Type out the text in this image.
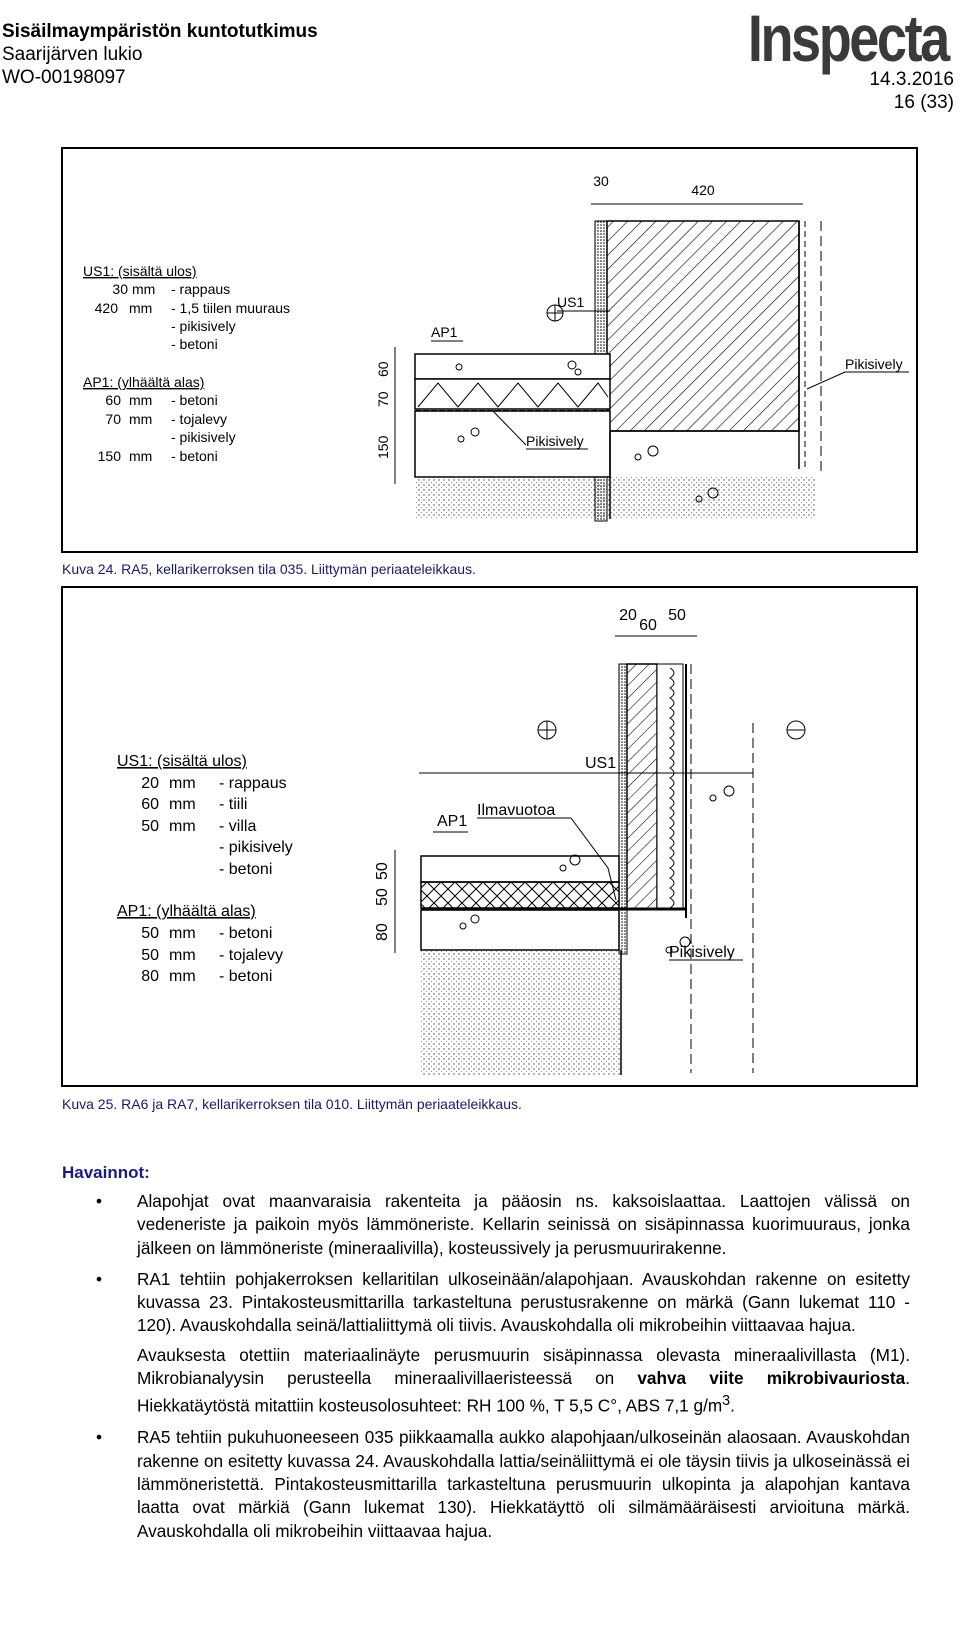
Sisäilmaympäristön kuntotutkimus
Saarijärven lukio
WO-00198097
Inspecta
14.3.2016
16 (33)
US1: (sisältä ulos)
30 mm - rappaus
420 mm - 1,5 tiilen muuraus
- pikisively
- betoni
AP1: (ylhäältä alas)
60 mm - betoni
70 mm - tojalevy
- pikisively
150 mm - betoni
30
420
60
70
150
US1
AP1
Pikisively
Pikisively
Kuva 24. RA5, kellarikerroksen tila 035. Liittymän periaateleikkaus.
US1: (sisältä ulos)
20 mm - rappaus
60 mm - tiili
50 mm - villa
- pikisively
- betoni
AP1: (ylhäältä alas)
50 mm - betoni
50 mm - tojalevy
80 mm - betoni
20
60
50
50
50
80
US1
AP1
Ilmavuotoa
Pikisively
Kuva 25. RA6 ja RA7, kellarikerroksen tila 010. Liittymän periaateleikkaus.
Havainnot:
• Alapohjat ovat maanvaraisia rakenteita ja pääosin ns. kaksoislaattaa. Laattojen välissä on vedeneriste ja paikoin myös lämmöneriste. Kellarin seinissä on sisäpinnassa kuorimuuraus, jonka jälkeen on lämmöneriste (mineraalivilla), kosteussively ja perusmuurirakenne.

• RA1 tehtiin pohjakerroksen kellaritilan ulkoseinään/alapohjaan. Avauskohdan rakenne on esitetty kuvassa 23. Pintakosteusmittarilla tarkasteltuna perustusrakenne on märkä (Gann lukemat 110 - 120). Avauskohdalla seinä/lattialiittymä oli tiivis. Avauskohdalla oli mikrobeihin viittaavaa hajua.

Avauksesta otettiin materiaalinäyte perusmuurin sisäpinnassa olevasta mineraalivillasta (M1). Mikrobianalyysin perusteella mineraalivillaeristeessä on vahva viite mikrobivauriosta. Hiekkatäytöstä mitattiin kosteusolosuhteet: RH 100 %, T 5,5 C°, ABS 7,1 $g/m^3$.

• RA5 tehtiin pukuhuoneeseen 035 piikkaamalla aukko alapohjaan/ulkoseinän alaosaan. Avauskohdan rakenne on esitetty kuvassa 24. Avauskohdalla lattia/seinäliittymä ei ole täysin tiivis ja ulkoseinässä ei lämmöneristettä. Pintakosteusmittarilla tarkasteltuna perusmuurin ulkopinta ja alapohjan kantava laatta ovat märkiä (Gann lukemat 130). Hiekkatäyttö oli silmämääräisesti arvioituna märkä. Avauskohdalla oli mikrobeihin viittaavaa hajua.
